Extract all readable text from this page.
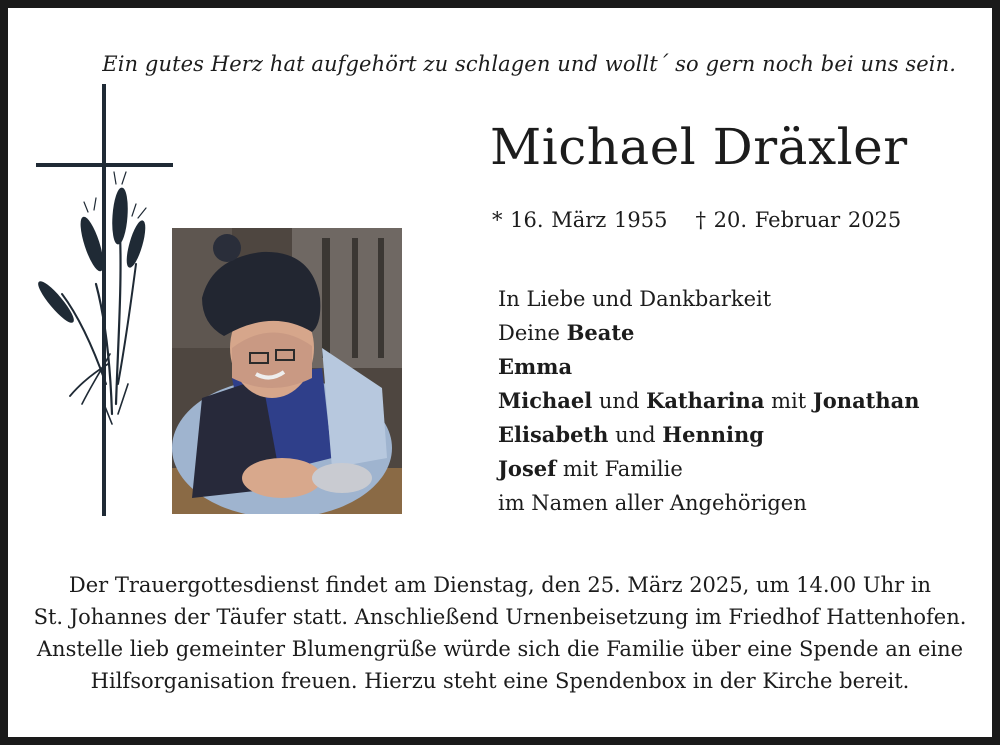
Ein gutes Herz hat aufgehört zu schlagen und wollt´ so gern noch bei uns sein.
Michael Dräxler
* 16. März 1955 † 20. Februar 2025
In Liebe und Dankbarkeit
Deine Beate
Emma
Michael und Katharina mit Jonathan
Elisabeth und Henning
Josef mit Familie
im Namen aller Angehörigen
Der Trauergottesdienst findet am Dienstag, den 25. März 2025, um 14.00 Uhr in
St. Johannes der Täufer statt. Anschließend Urnenbeisetzung im Friedhof Hattenhofen.
Anstelle lieb gemeinter Blumengrüße würde sich die Familie über eine Spende an eine
Hilfsorganisation freuen. Hierzu steht eine Spendenbox in der Kirche bereit.
